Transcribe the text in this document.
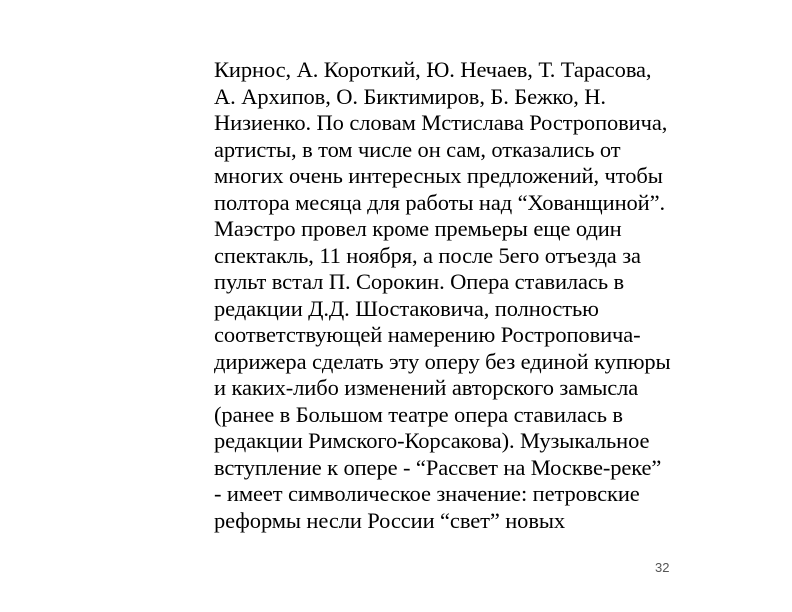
Кирнос, А. Короткий, Ю. Нечаев, Т. Тарасова,
А. Архипов, О. Биктимиров, Б. Бежко, Н.
Низиенко. По словам Мстислава Ростроповича,
артисты, в том числе он сам, отказались от
многих очень интересных предложений, чтобы
полтора месяца для работы над “Хованщиной”.
Маэстро провел кроме премьеры еще один
спектакль, 11 ноября, а после 5его отъезда за
пульт встал П. Сорокин. Опера ставилась в
редакции Д.Д. Шостаковича, полностью
соответствующей намерению Ростроповича-
дирижера сделать эту оперу без единой купюры
и каких-либо изменений авторского замысла
(ранее в Большом театре опера ставилась в
редакции Римского-Корсакова). Музыкальное
вступление к опере - “Рассвет на Москве-реке”
- имеет символическое значение: петровские
реформы несли России “свет” новых
32
